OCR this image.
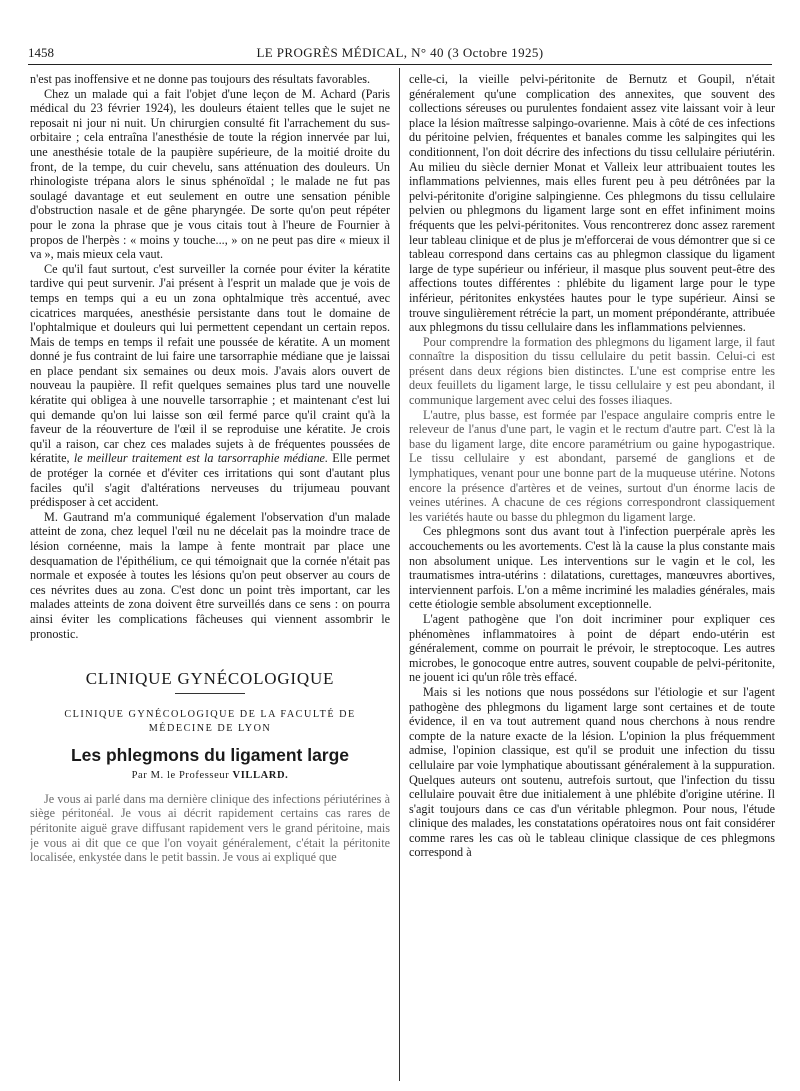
1458	LE PROGRÈS MÉDICAL, N° 40 (3 Octobre 1925)

n'est pas inoffensive et ne donne pas toujours des résultats favorables.

Chez un malade qui a fait l'objet d'une leçon de M. Achard (Paris médical du 23 février 1924), les douleurs étaient telles que le sujet ne reposait ni jour ni nuit. Un chirurgien consulté fit l'arrachement du sus-orbitaire ; cela entraîna l'anesthésie de toute la région innervée par lui, une anesthésie totale de la paupière supérieure, de la moitié droite du front, de la tempe, du cuir chevelu, sans atténuation des douleurs. Un rhinologiste trépana alors le sinus sphénoïdal ; le malade ne fut pas soulagé davantage et eut seulement en outre une sensation pénible d'obstruction nasale et de gêne pharyngée. De sorte qu'on peut répéter pour le zona la phrase que je vous citais tout à l'heure de Fournier à propos de l'herpès : « moins y touche..., » on ne peut pas dire « mieux il va », mais mieux cela vaut.

Ce qu'il faut surtout, c'est surveiller la cornée pour éviter la kératite tardive qui peut survenir. J'ai présent à l'esprit un malade que je vois de temps en temps qui a eu un zona ophtalmique très accentué, avec cicatrices marquées, anesthésie persistante dans tout le domaine de l'ophtalmique et douleurs qui lui permettent cependant un certain repos. Mais de temps en temps il refait une poussée de kératite. A un moment donné je fus contraint de lui faire une tarsorraphie médiane que je laissai en place pendant six semaines ou deux mois. J'avais alors ouvert de nouveau la paupière. Il refit quelques semaines plus tard une nouvelle kératite qui obligea à une nouvelle tarsorraphie ; et maintenant c'est lui qui demande qu'on lui laisse son œil fermé parce qu'il craint qu'à la faveur de la réouverture de l'œil il se reproduise une kératite. Je crois qu'il a raison, car chez ces malades sujets à de fréquentes poussées de kératite, le meilleur traitement est la tarsorraphie médiane. Elle permet de protéger la cornée et d'éviter ces irritations qui sont d'autant plus faciles qu'il s'agit d'altérations nerveuses du trijumeau pouvant prédisposer à cet accident.

M. Gautrand m'a communiqué également l'observation d'un malade atteint de zona, chez lequel l'œil nu ne décelait pas la moindre trace de lésion cornéenne, mais la lampe à fente montrait par place une desquamation de l'épithélium, ce qui témoignait que la cornée n'était pas normale et exposée à toutes les lésions qu'on peut observer au cours de ces névrites dues au zona. C'est donc un point très important, car les malades atteints de zona doivent être surveillés dans ce sens : on pourra ainsi éviter les complications fâcheuses qui viennent assombrir le pronostic.

CLINIQUE GYNÉCOLOGIQUE
CLINIQUE GYNÉCOLOGIQUE DE LA FACULTÉ DE MÉDECINE DE LYON
Les phlegmons du ligament large
Par M. le Professeur VILLARD.

Je vous ai parlé dans ma dernière clinique des infections périutérines à siège péritonéal. Je vous ai décrit rapidement certains cas rares de péritonite aiguë grave diffusant rapidement vers le grand péritoine, mais je vous ai dit que ce que l'on voyait généralement, c'était la péritonite localisée, enkystée dans le petit bassin. Je vous ai expliqué que

celle-ci, la vieille pelvi-péritonite de Bernutz et Goupil, n'était généralement qu'une complication des annexites, que souvent des collections séreuses ou purulentes fondaient assez vite laissant voir à leur place la lésion maîtresse salpingo-ovarienne. Mais à côté de ces infections du péritoine pelvien, fréquentes et banales comme les salpingites qui les conditionnent, l'on doit décrire des infections du tissu cellulaire périutérin. Au milieu du siècle dernier Monat et Valleix leur attribuaient toutes les inflammations pelviennes, mais elles furent peu à peu détrônées par la pelvi-péritonite d'origine salpingienne. Ces phlegmons du tissu cellulaire pelvien ou phlegmons du ligament large sont en effet infiniment moins fréquents que les pelvi-péritonites. Vous rencontrerez donc assez rarement leur tableau clinique et de plus je m'efforcerai de vous démontrer que si ce tableau correspond dans certains cas au phlegmon classique du ligament large de type supérieur ou inférieur, il masque plus souvent peut-être des affections toutes différentes : phlébite du ligament large pour le type inférieur, péritonites enkystées hautes pour le type supérieur. Ainsi se trouve singulièrement rétrécie la part, un moment prépondérante, attribuée aux phlegmons du tissu cellulaire dans les inflammations pelviennes.

Pour comprendre la formation des phlegmons du ligament large, il faut connaître la disposition du tissu cellulaire du petit bassin. Celui-ci est présent dans deux régions bien distinctes. L'une est comprise entre les deux feuillets du ligament large, le tissu cellulaire y est peu abondant, il communique largement avec celui des fosses iliaques.

L'autre, plus basse, est formée par l'espace angulaire compris entre le releveur de l'anus d'une part, le vagin et le rectum d'autre part. C'est là la base du ligament large, dite encore paramétrium ou gaine hypogastrique. Le tissu cellulaire y est abondant, parsemé de ganglions et de lymphatiques, venant pour une bonne part de la muqueuse utérine. Notons encore la présence d'artères et de veines, surtout d'un énorme lacis de veines utérines. A chacune de ces régions correspondront classiquement les variétés haute ou basse du phlegmon du ligament large.

Ces phlegmons sont dus avant tout à l'infection puerpérale après les accouchements ou les avortements. C'est là la cause la plus constante mais non absolument unique. Les interventions sur le vagin et le col, les traumatismes intra-utérins : dilatations, curettages, manœuvres abortives, interviennent parfois. L'on a même incriminé les maladies générales, mais cette étiologie semble absolument exceptionnelle.

L'agent pathogène que l'on doit incriminer pour expliquer ces phénomènes inflammatoires à point de départ endo-utérin est généralement, comme on pourrait le prévoir, le streptocoque. Les autres microbes, le gonocoque entre autres, souvent coupable de pelvi-péritonite, ne jouent ici qu'un rôle très effacé.

Mais si les notions que nous possédons sur l'étiologie et sur l'agent pathogène des phlegmons du ligament large sont certaines et de toute évidence, il en va tout autrement quand nous cherchons à nous rendre compte de la nature exacte de la lésion. L'opinion la plus fréquemment admise, l'opinion classique, est qu'il se produit une infection du tissu cellulaire par voie lymphatique aboutissant généralement à la suppuration. Quelques auteurs ont soutenu, autrefois surtout, que l'infection du tissu cellulaire pouvait être due initialement à une phlébite d'origine utérine. Il s'agit toujours dans ce cas d'un véritable phlegmon. Pour nous, l'étude clinique des malades, les constatations opératoires nous ont fait considérer comme rares les cas où le tableau clinique classique de ces phlegmons correspond à
